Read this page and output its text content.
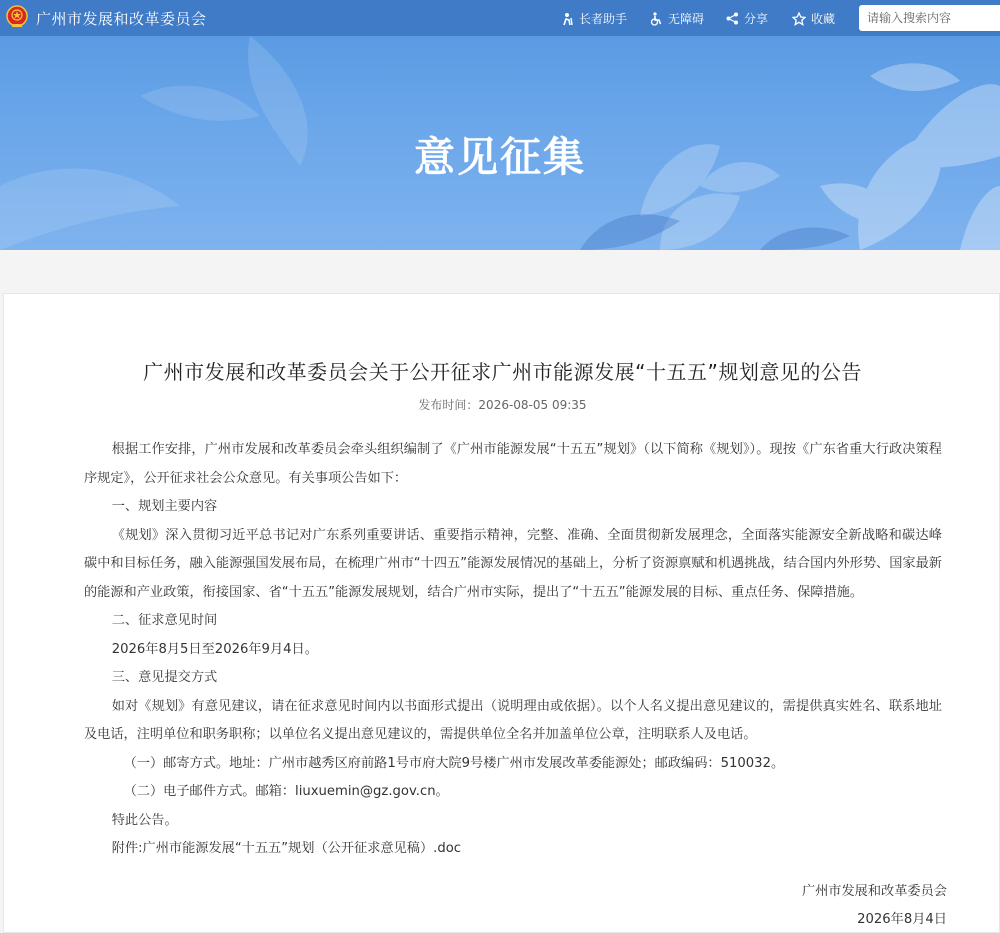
广州市发展和改革委员会	长者助手	无障碍	分享	收藏
请输入搜索内容
意见征集
广州市发展和改革委员会关于公开征求广州市能源发展“十五五”规划意见的公告
发布时间：2026-08-05 09:35

根据工作安排，广州市发展和改革委员会牵头组织编制了《广州市能源发展“十五五”规划》（以下简称《规划》）。现按《广东省重大行政决策程序规定》，公开征求社会公众意见。有关事项公告如下：

一、规划主要内容

《规划》深入贯彻习近平总书记对广东系列重要讲话、重要指示精神，完整、准确、全面贯彻新发展理念，全面落实能源安全新战略和碳达峰碳中和目标任务，融入能源强国发展布局，在梳理广州市“十四五”能源发展情况的基础上，分析了资源禀赋和机遇挑战，结合国内外形势、国家最新的能源和产业政策，衔接国家、省“十五五”能源发展规划，结合广州市实际，提出了“十五五”能源发展的目标、重点任务、保障措施。

二、征求意见时间

2026年8月5日至2026年9月4日。

三、意见提交方式

如对《规划》有意见建议，请在征求意见时间内以书面形式提出（说明理由或依据）。以个人名义提出意见建议的，需提供真实姓名、联系地址及电话，注明单位和职务职称；以单位名义提出意见建议的，需提供单位全名并加盖单位公章，注明联系人及电话。

（一）邮寄方式。地址：广州市越秀区府前路1号市府大院9号楼广州市发展改革委能源处；邮政编码：510032。

（二）电子邮件方式。邮箱：liuxuemin@gz.gov.cn。

特此公告。

附件:广州市能源发展“十五五”规划（公开征求意见稿）.doc

广州市发展和改革委员会
2026年8月4日
